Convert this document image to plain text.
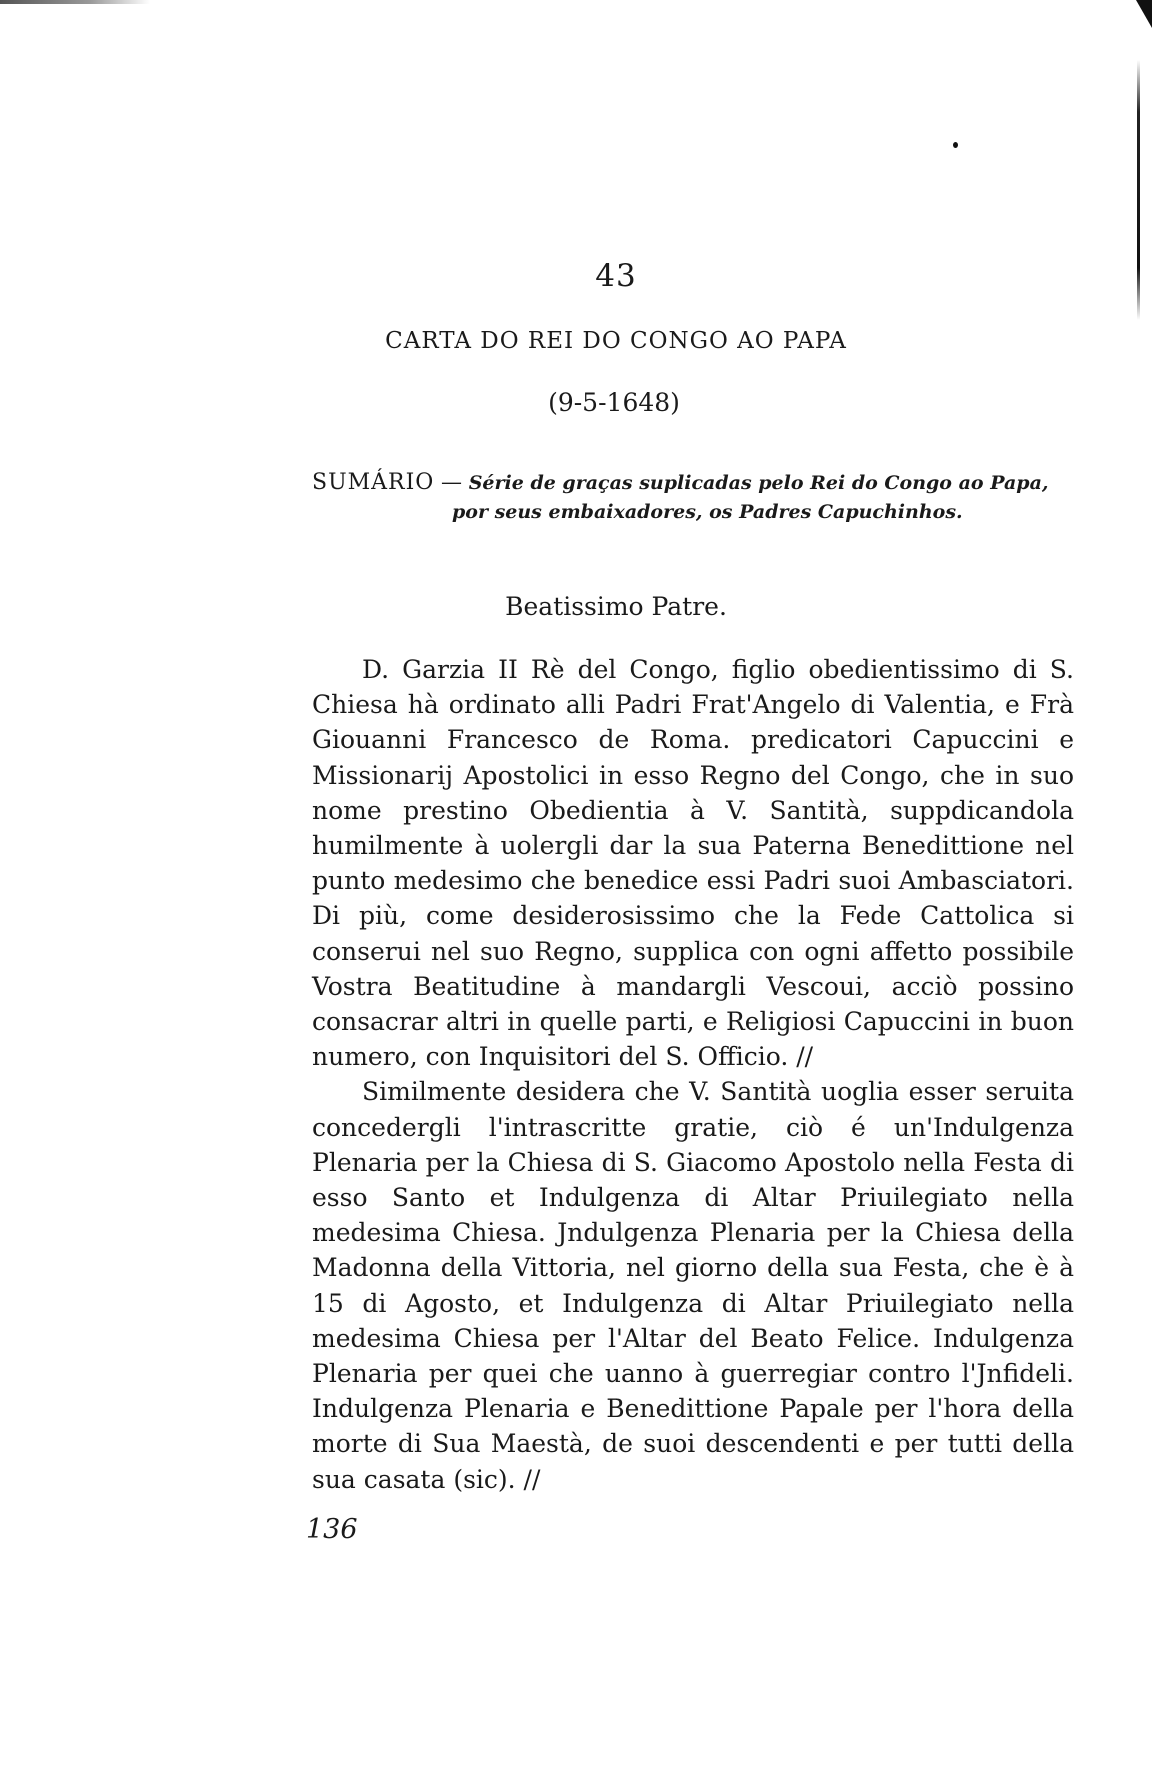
43
CARTA DO REI DO CONGO AO PAPA
(9-5-1648)
SUMÁRIO — Série de graças suplicadas pelo Rei do Congo ao Papa,
por seus embaixadores, os Padres Capuchinhos.
Beatissimo Patre.

D. Garzia II Rè del Congo, figlio obedientissimo di S. Chiesa hà ordinato alli Padri Frat'Angelo di Valentia, e Frà Giouanni Francesco de Roma. predicatori Capuccini e Missionarij Apostolici in esso Regno del Congo, che in suo nome prestino Obedientia à V. Santità, suppdicandola humilmente à uolergli dar la sua Paterna Benedittione nel punto medesimo che benedice essi Padri suoi Ambasciatori. Di più, come desiderosissimo che la Fede Cattolica si conserui nel suo Regno, supplica con ogni affetto possibile Vostra Beatitudine à mandargli Vescoui, acciò possino consacrar altri in quelle parti, e Religiosi Capuccini in buon numero, con Inquisitori del S. Officio. //

Similmente desidera che V. Santità uoglia esser seruita concedergli l'intrascritte gratie, ciò é un'Indulgenza Plenaria per la Chiesa di S. Giacomo Apostolo nella Festa di esso Santo et Indulgenza di Altar Priuilegiato nella medesima Chiesa. Jndulgenza Plenaria per la Chiesa della Madonna della Vittoria, nel giorno della sua Festa, che è à 15 di Agosto, et Indulgenza di Altar Priuilegiato nella medesima Chiesa per l'Altar del Beato Felice. Indulgenza Plenaria per quei che uanno à guerregiar contro l'Jnfideli. Indulgenza Plenaria e Benedittione Papale per l'hora della morte di Sua Maestà, de suoi descendenti e per tutti della sua casata (sic). //

136
